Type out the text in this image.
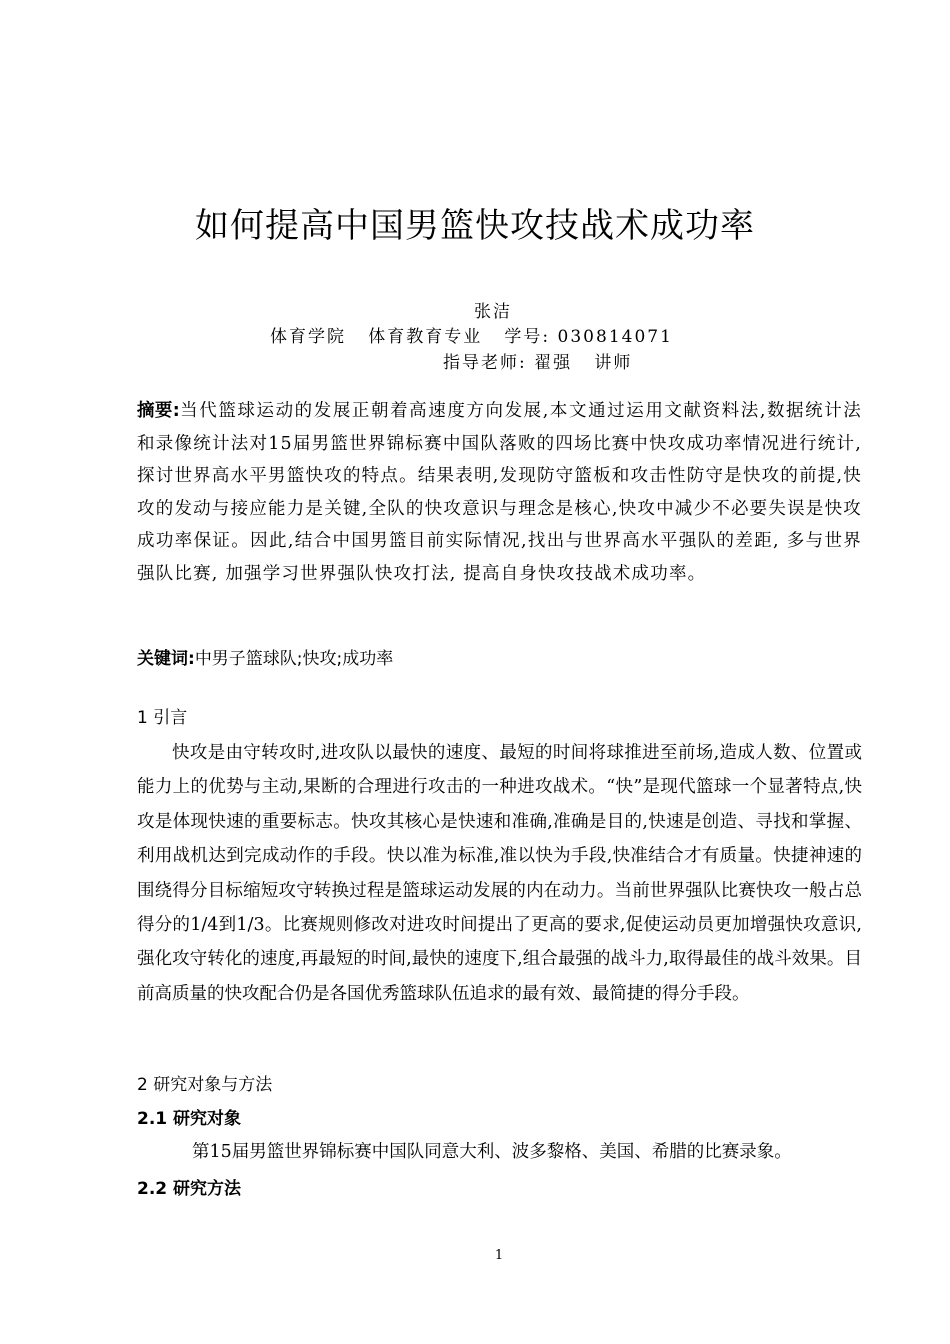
如何提高中国男篮快攻技战术成功率
张洁
体育学院   体育教育专业   学号: 030814071
指导老师: 翟强   讲师
摘要:当代篮球运动的发展正朝着高速度方向发展,本文通过运用文献资料法,数据统计法和录像统计法对15届男篮世界锦标赛中国队落败的四场比赛中快攻成功率情况进行统计,探讨世界高水平男篮快攻的特点。结果表明,发现防守篮板和攻击性防守是快攻的前提,快攻的发动与接应能力是关键,全队的快攻意识与理念是核心,快攻中减少不必要失误是快攻成功率保证。因此,结合中国男篮目前实际情况,找出与世界高水平强队的差距, 多与世界强队比赛, 加强学习世界强队快攻打法, 提高自身快攻技战术成功率。
关键词:中男子篮球队;快攻;成功率
1 引言

快攻是由守转攻时,进攻队以最快的速度、最短的时间将球推进至前场,造成人数、位置或能力上的优势与主动,果断的合理进行攻击的一种进攻战术。“快”是现代篮球一个显著特点,快攻是体现快速的重要标志。快攻其核心是快速和准确,准确是目的,快速是创造、寻找和掌握、利用战机达到完成动作的手段。快以准为标准,准以快为手段,快准结合才有质量。快捷神速的围绕得分目标缩短攻守转换过程是篮球运动发展的内在动力。当前世界强队比赛快攻一般占总得分的1/4到1/3。比赛规则修改对进攻时间提出了更高的要求,促使运动员更加增强快攻意识,强化攻守转化的速度,再最短的时间,最快的速度下,组合最强的战斗力,取得最佳的战斗效果。目前高质量的快攻配合仍是各国优秀篮球队伍追求的最有效、最简捷的得分手段。

2 研究对象与方法
2.1 研究对象
第15届男篮世界锦标赛中国队同意大利、波多黎格、美国、希腊的比赛录象。
2.2 研究方法
1
